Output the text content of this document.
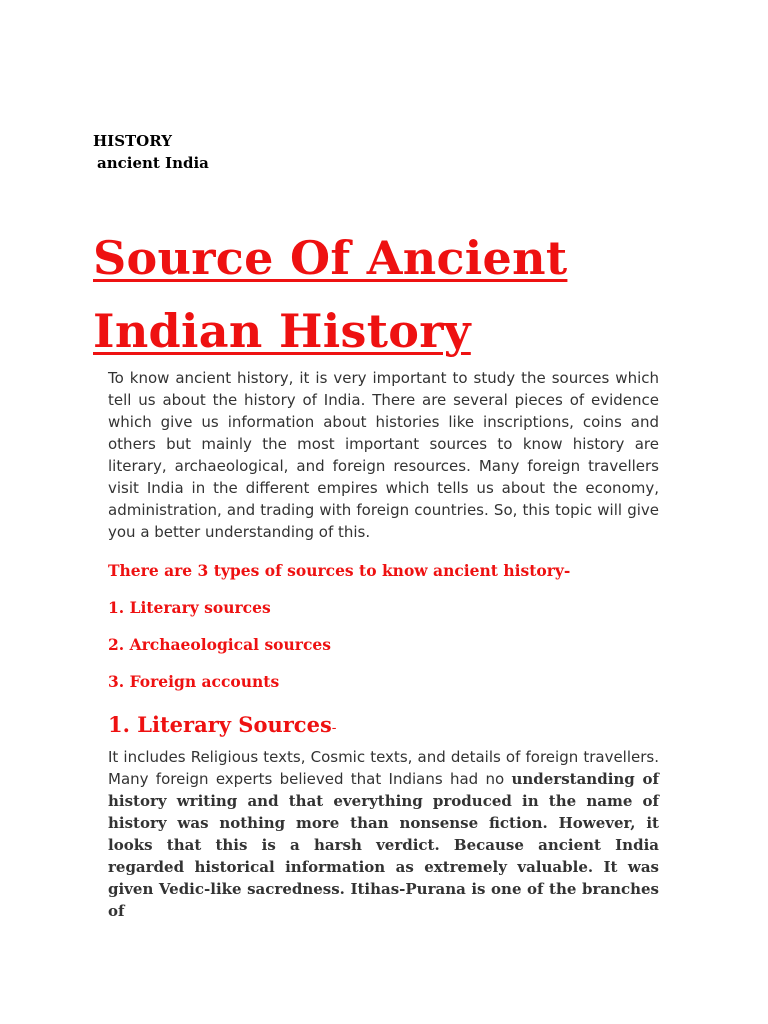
HISTORY
ancient India
Source Of Ancient Indian History

To know ancient history, it is very important to study the sources which tell us about the history of India. There are several pieces of evidence which give us information about histories like inscriptions, coins and others but mainly the most important sources to know history are literary, archaeological, and foreign resources. Many foreign travellers visit India in the different empires which tells us about the economy, administration, and trading with foreign countries. So, this topic will give you a better understanding of this.

There are 3 types of sources to know ancient history-

1. Literary sources

2. Archaeological sources

3. Foreign accounts

1. Literary Sources-

It includes Religious texts, Cosmic texts, and details of foreign travellers. Many foreign experts believed that Indians had no understanding of history writing and that everything produced in the name of history was nothing more than nonsense fiction. However, it looks that this is a harsh verdict. Because ancient India regarded historical information as extremely valuable. It was given Vedic-like sacredness. Itihas-Purana is one of the branches of
